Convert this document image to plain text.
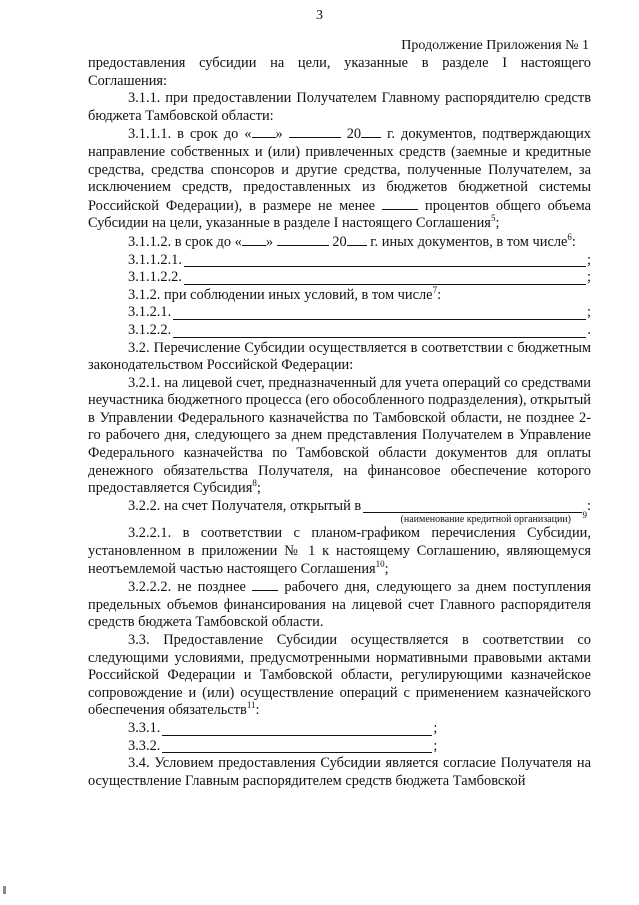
3
Продолжение Приложения № 1

предоставления субсидии на цели, указанные в разделе I настоящего Соглашения:

3.1.1. при предоставлении Получателем Главному распорядителю средств бюджета Тамбовской области:

3.1.1.1. в срок до « »	20 г. документов, подтверждающих направление собственных и (или) привлеченных средств (заемные и кредитные средства, средства спонсоров и другие средства, полученные Получателем, за исключением средств, предоставленных из бюджетов бюджетной системы Российской Федерации), в размере не менее	процентов общего объема Субсидии на цели, указанные в разделе I настоящего Соглашения$^5$;

3.1.1.2. в срок до « »	20 г. иных документов, в том числе$^6$:

3.1.1.2.1.	;
3.1.1.2.2.	;

3.1.2. при соблюдении иных условий, в том числе$^7$:

3.1.2.1.	;
3.1.2.2.	.

3.2. Перечисление Субсидии осуществляется в соответствии с бюджетным законодательством Российской Федерации:

3.2.1. на лицевой счет, предназначенный для учета операций со средствами неучастника бюджетного процесса (его обособленного подразделения), открытый в Управлении Федерального казначейства по Тамбовской области, не позднее 2-го рабочего дня, следующего за днем представления Получателем в Управление Федерального казначейства по Тамбовской области документов для оплаты денежного обязательства Получателя, на финансовое обеспечение которого предоставляется Субсидия$^8$;

3.2.2. на счет Получателя, открытый в
9
:
(наименование кредитной организации)

3.2.2.1. в соответствии с планом-графиком перечисления Субсидии, установленном в приложении № 1 к настоящему Соглашению, являющемуся неотъемлемой частью настоящего Соглашения$^{10}$;

3.2.2.2. не позднее	рабочего дня, следующего за днем поступления предельных объемов финансирования на лицевой счет Главного распорядителя средств бюджета Тамбовской области.

3.3. Предоставление Субсидии осуществляется в соответствии со следующими условиями, предусмотренными нормативными правовыми актами Российской Федерации и Тамбовской области, регулирующими казначейское сопровождение и (или) осуществление операций с применением казначейского обеспечения обязательств$^{11}$:

3.3.1.	;
3.3.2.	;

3.4. Условием предоставления Субсидии является согласие Получателя на осуществление Главным распорядителем средств бюджета Тамбовской
